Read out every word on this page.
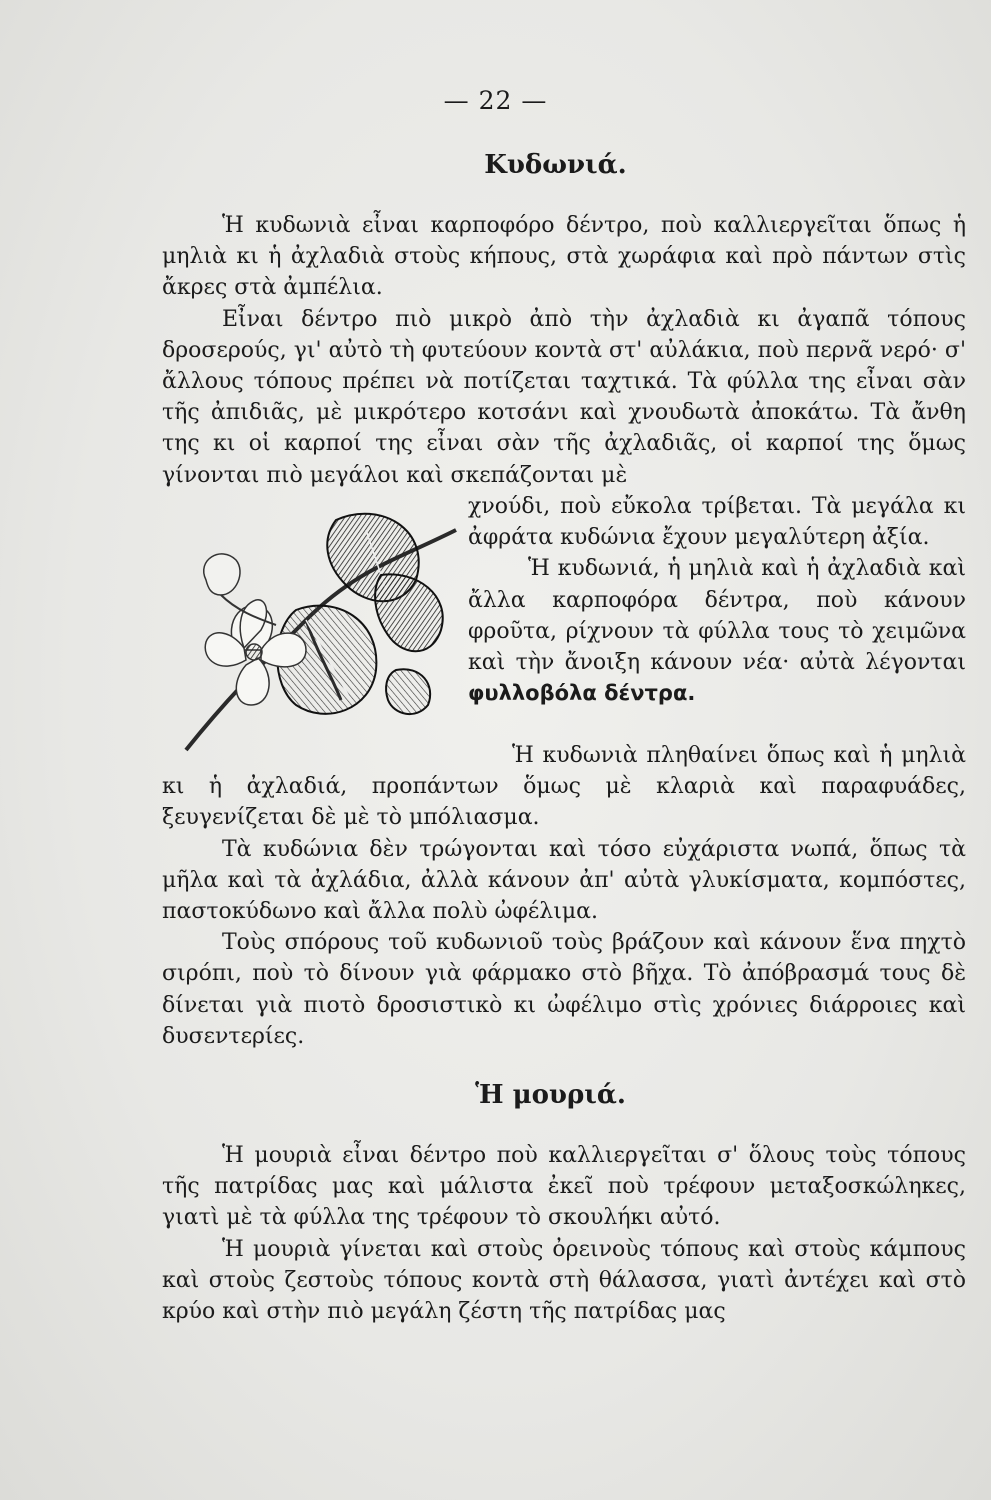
— 22 —
Κυδωνιά.

Ἡ κυδωνιὰ εἶναι καρποφόρο δέντρο, ποὺ καλλιεργεῖται ὅπως ἡ μηλιὰ κι ἡ ἀχλαδιὰ στοὺς κήπους, στὰ χωράφια καὶ πρὸ πάντων στὶς ἄκρες στὰ ἀμπέλια.

Εἶναι δέντρο πιὸ μικρὸ ἀπὸ τὴν ἀχλαδιὰ κι ἀγαπᾶ τόπους δροσερούς, γι' αὐτὸ τὴ φυτεύουν κοντὰ στ' αὐλάκια, ποὺ περνᾶ νερό· σ' ἄλλους τόπους πρέπει νὰ ποτίζεται ταχτικά. Τὰ φύλλα της εἶναι σὰν τῆς ἀπιδιᾶς, μὲ μικρότερο κοτσάνι καὶ χνουδωτὰ ἀποκάτω. Τὰ ἄνθη της κι οἱ καρποί της εἶναι σὰν τῆς ἀχλαδιᾶς, οἱ καρποί της ὅμως γίνονται πιὸ μεγάλοι καὶ σκεπάζονται μὲ

χνούδι, ποὺ εὔκολα τρίβεται. Τὰ μεγάλα κι ἀφράτα κυδώνια ἔχουν μεγαλύτερη ἀξία.

Ἡ κυδωνιά, ἡ μηλιὰ καὶ ἡ ἀχλαδιὰ καὶ ἄλλα καρποφόρα δέντρα, ποὺ κάνουν φροῦτα, ρίχνουν τὰ φύλλα τους τὸ χειμῶνα καὶ τὴν ἄνοιξη κάνουν νέα· αὐτὰ λέγονται φυλλοβόλα δέντρα.

Ἡ κυδωνιὰ πληθαίνει ὅπως καὶ ἡ μηλιὰ κι ἡ ἀχλαδιά, προπάντων ὅμως μὲ κλαριὰ καὶ παραφυάδες, ξευγενίζεται δὲ μὲ τὸ μπόλιασμα.

Τὰ κυδώνια δὲν τρώγονται καὶ τόσο εὐχάριστα νωπά, ὅπως τὰ μῆλα καὶ τὰ ἀχλάδια, ἀλλὰ κάνουν ἀπ' αὐτὰ γλυκίσματα, κομπόστες, παστοκύδωνο καὶ ἄλλα πολὺ ὠφέλιμα.

Τοὺς σπόρους τοῦ κυδωνιοῦ τοὺς βράζουν καὶ κάνουν ἕνα πηχτὸ σιρόπι, ποὺ τὸ δίνουν γιὰ φάρμακο στὸ βῆχα. Τὸ ἀπόβρασμά τους δὲ δίνεται γιὰ πιοτὸ δροσιστικὸ κι ὠφέλιμο στὶς χρόνιες διάρροιες καὶ δυσεντερίες.

Ἡ μουριά.

Ἡ μουριὰ εἶναι δέντρο ποὺ καλλιεργεῖται σ' ὅλους τοὺς τόπους τῆς πατρίδας μας καὶ μάλιστα ἐκεῖ ποὺ τρέφουν μεταξοσκώληκες, γιατὶ μὲ τὰ φύλλα της τρέφουν τὸ σκουλήκι αὐτό.

Ἡ μουριὰ γίνεται καὶ στοὺς ὀρεινοὺς τόπους καὶ στοὺς κάμπους καὶ στοὺς ζεστοὺς τόπους κοντὰ στὴ θάλασσα, γιατὶ ἀντέχει καὶ στὸ κρύο καὶ στὴν πιὸ μεγάλη ζέστη τῆς πατρίδας μας
